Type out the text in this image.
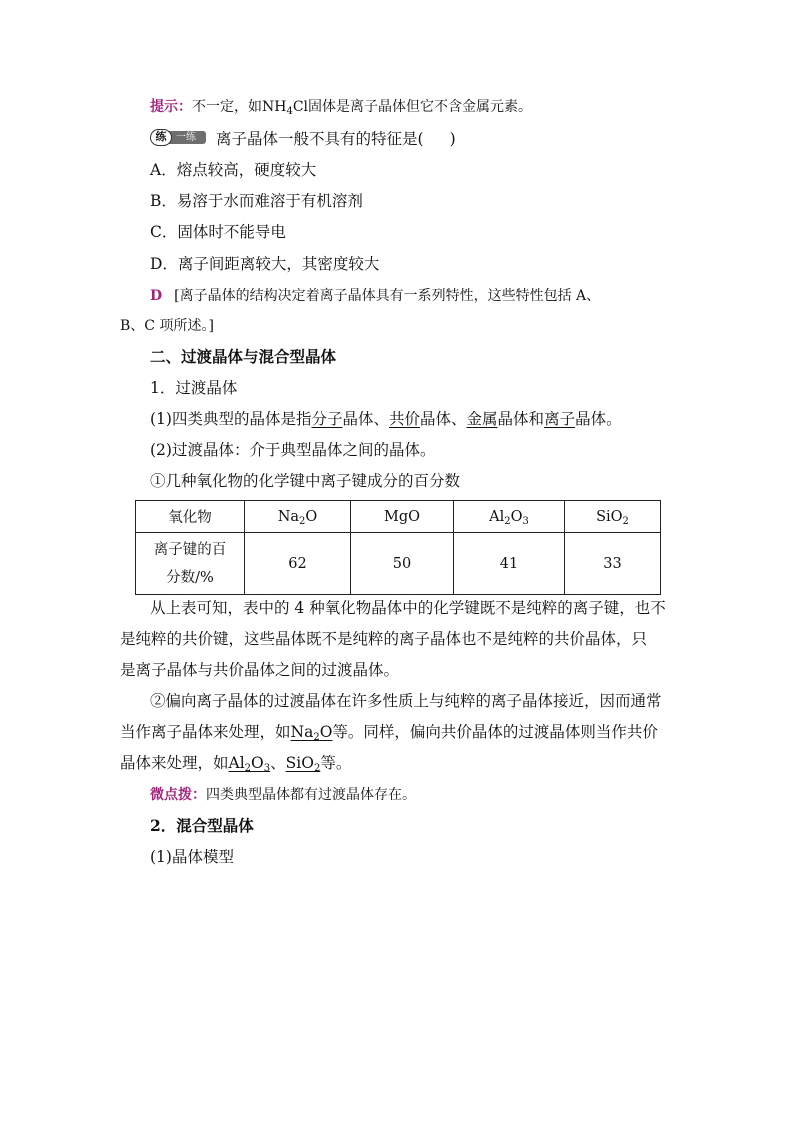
提示：不一定，如$NH_4Cl$固体是离子晶体但它不含金属元素。
一练
练	离子晶体一般不具有的特征是( )
A．熔点较高，硬度较大
B．易溶于水而难溶于有机溶剂
C．固体时不能导电
D．离子间距离较大，其密度较大
D [离子晶体的结构决定着离子晶体具有一系列特性，这些特性包括 A、
B、C 项所述。]
二、过渡晶体与混合型晶体
1．过渡晶体
(1)四类典型的晶体是指分子晶体、共价晶体、金属晶体和离子晶体。
(2)过渡晶体：介于典型晶体之间的晶体。
①几种氧化物的化学键中离子键成分的百分数
氧化物	$Na_2O$	MgO	$Al_2O_3$	SiO$_2$

离子键的百
分数/%	62	50	41	33
从上表可知，表中的 4 种氧化物晶体中的化学键既不是纯粹的离子键，也不
是纯粹的共价键，这些晶体既不是纯粹的离子晶体也不是纯粹的共价晶体，只
是离子晶体与共价晶体之间的过渡晶体。
②偏向离子晶体的过渡晶体在许多性质上与纯粹的离子晶体接近，因而通常
当作离子晶体来处理，如$Na_2O$等。同样，偏向共价晶体的过渡晶体则当作共价
晶体来处理，如$Al_2O_3$、SiO$_2$等。
微点拨：四类典型晶体都有过渡晶体存在。
2．混合型晶体
(1)晶体模型
